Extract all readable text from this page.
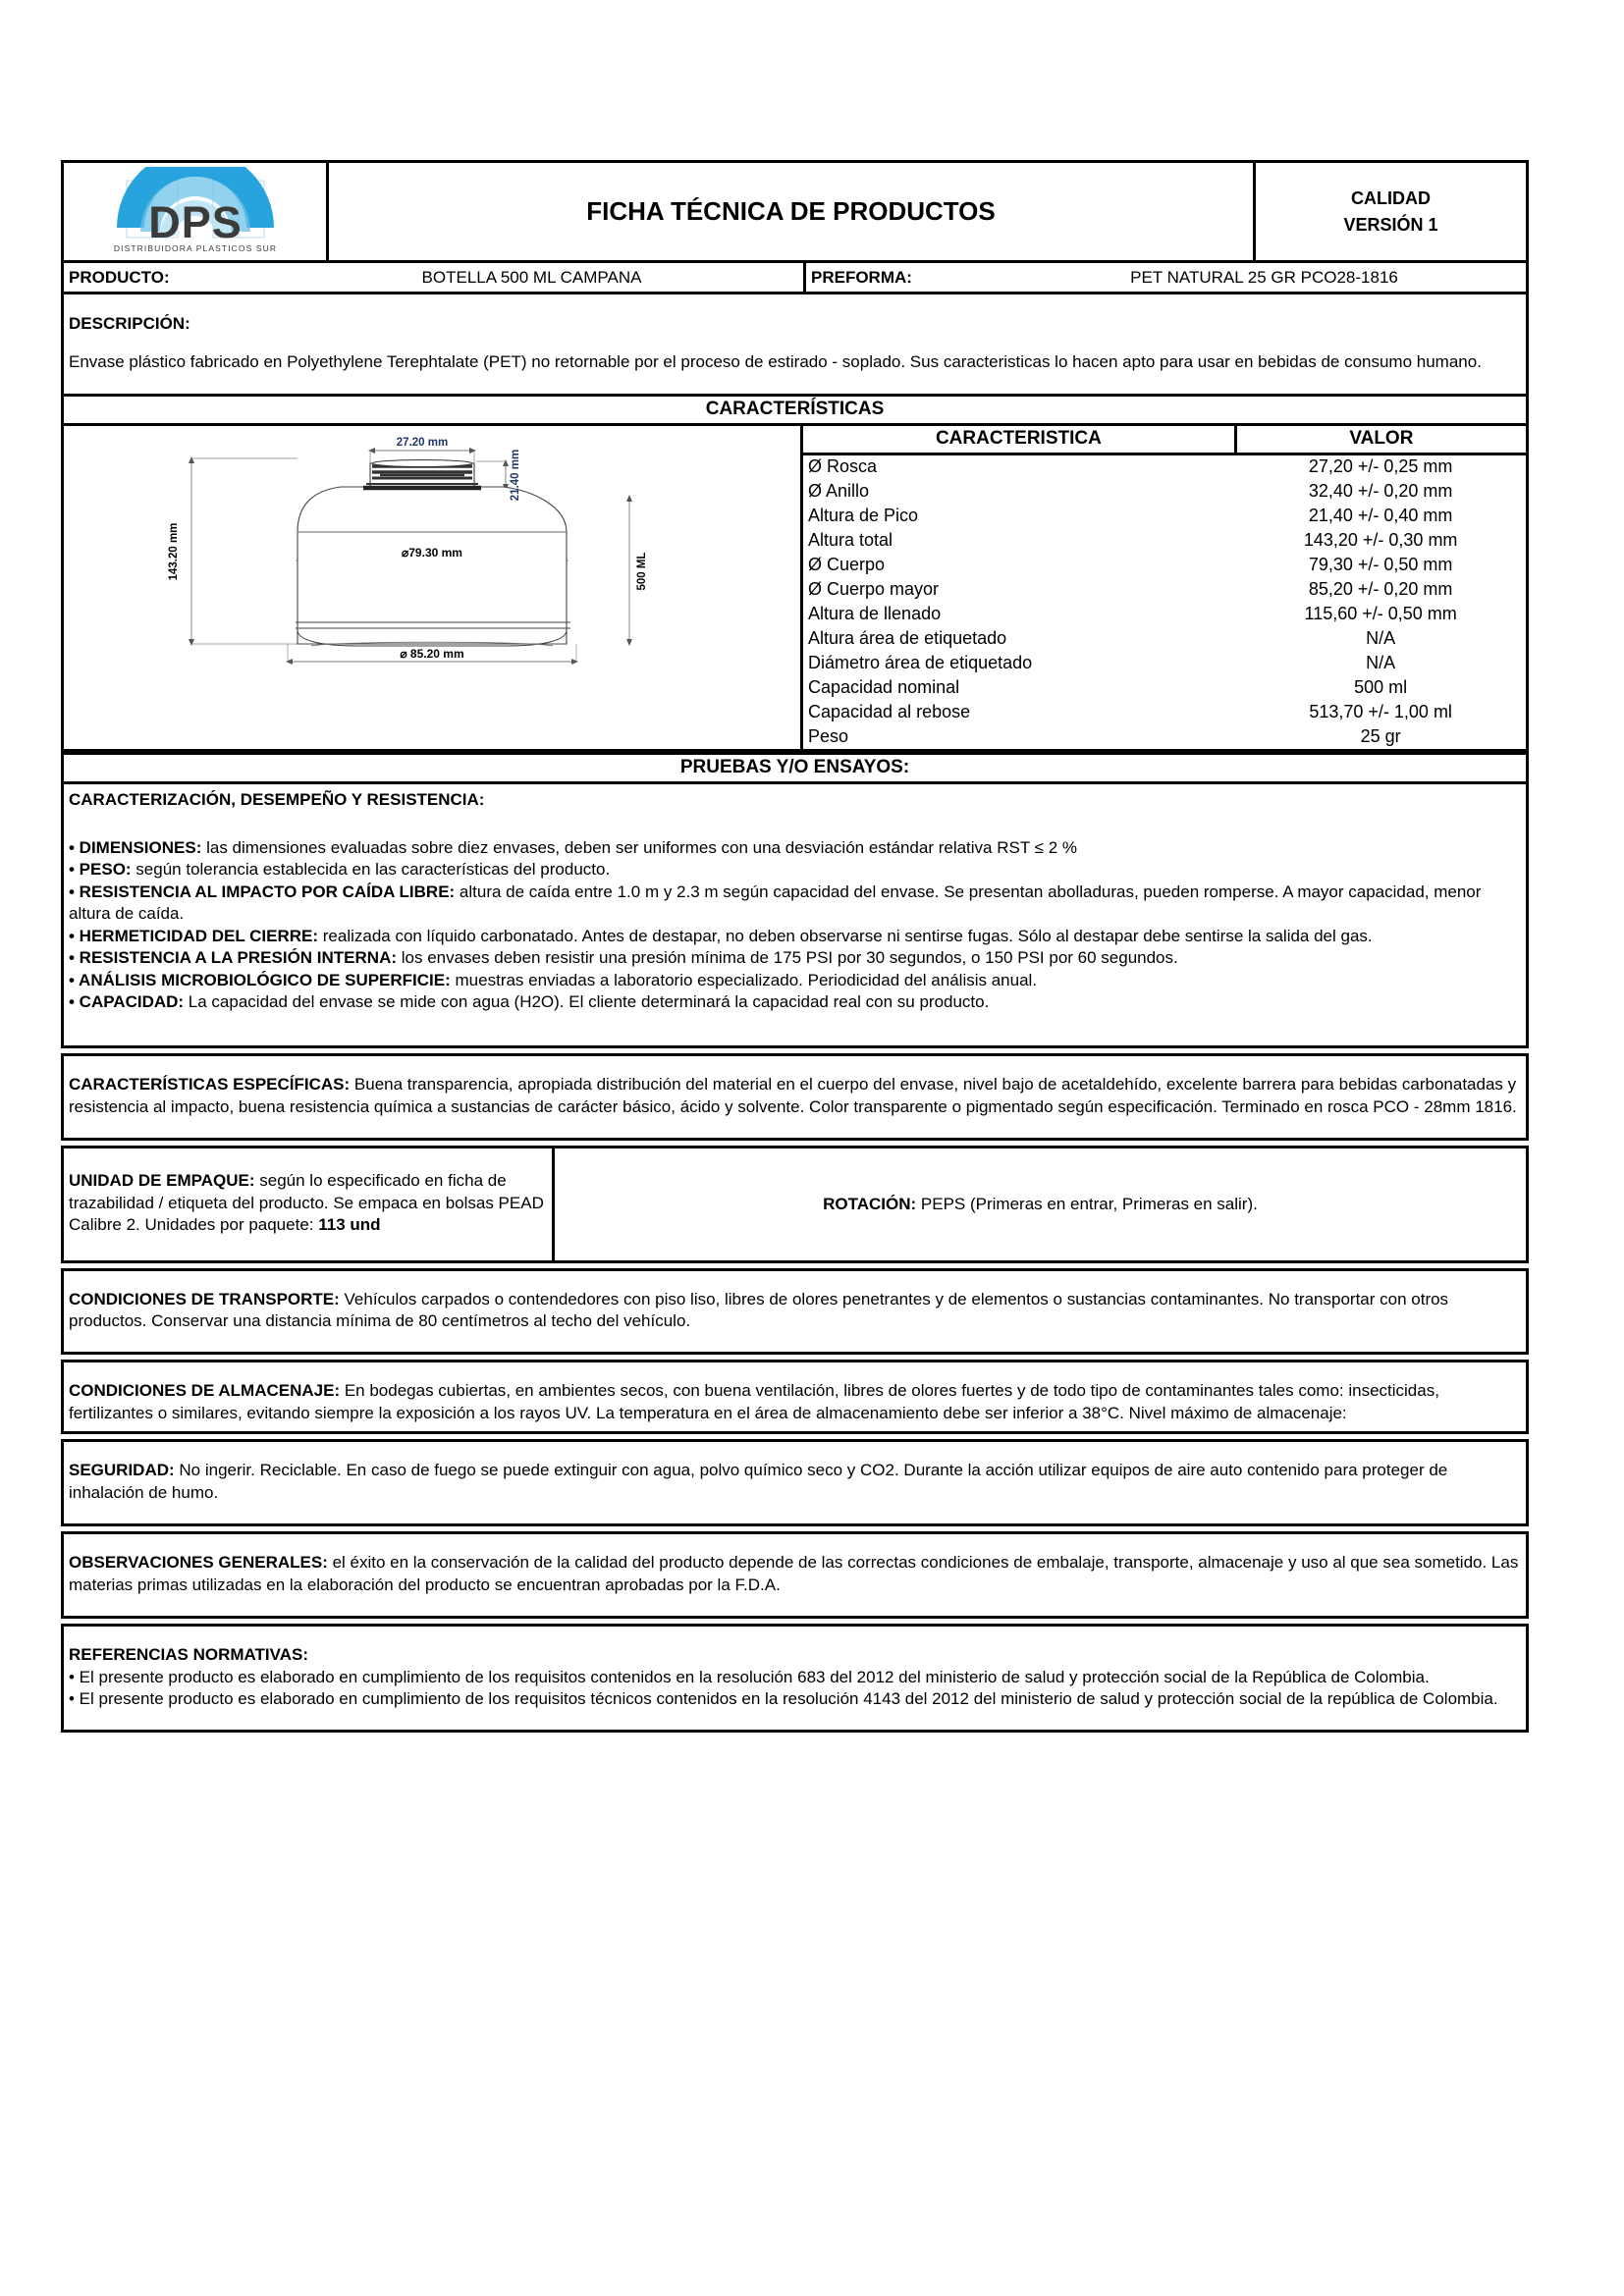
DPS
DISTRIBUIDORA PLASTICOS SUR
FICHA TÉCNICA DE PRODUCTOS	CALIDAD
VERSIÓN 1
PRODUCTO:	BOTELLA 500 ML CAMPANA	PREFORMA:	PET NATURAL 25 GR PCO28-1816

DESCRIPCIÓN:

Envase plástico fabricado en Polyethylene Terephtalate (PET) no retornable por el proceso de estirado - soplado. Sus caracteristicas lo hacen apto para usar en bebidas de consumo humano.

CARACTERÍSTICAS
27.20 mm
21.40 mm
143.20 mm	500 ML
⌀79.30 mm
⌀ 85.20 mm
CARACTERISTICA	VALOR
Ø Rosca	27,20 +/- 0,25 mm
Ø Anillo	32,40 +/- 0,20 mm
Altura de Pico	21,40 +/- 0,40 mm
Altura total	143,20 +/- 0,30 mm
Ø Cuerpo	79,30 +/- 0,50 mm
Ø Cuerpo mayor	85,20 +/- 0,20 mm
Altura de llenado	115,60 +/- 0,50 mm
Altura área de etiquetado	N/A
Diámetro área de etiquetado	N/A
Capacidad nominal	500 ml
Capacidad al rebose	513,70 +/- 1,00 ml
Peso	25 gr
PRUEBAS Y/O ENSAYOS:

CARACTERIZACIÓN, DESEMPEÑO Y RESISTENCIA:

• DIMENSIONES: las dimensiones evaluadas sobre diez envases, deben ser uniformes con una desviación estándar relativa RST ≤ 2 %

• PESO: según tolerancia establecida en las características del producto.

• RESISTENCIA AL IMPACTO POR CAÍDA LIBRE: altura de caída entre 1.0 m y 2.3 m según capacidad del envase. Se presentan abolladuras, pueden romperse. A mayor capacidad, menor altura de caída.

• HERMETICIDAD DEL CIERRE: realizada con líquido carbonatado. Antes de destapar, no deben observarse ni sentirse fugas. Sólo al destapar debe sentirse la salida del gas.

• RESISTENCIA A LA PRESIÓN INTERNA: los envases deben resistir una presión mínima de 175 PSI por 30 segundos, o 150 PSI por 60 segundos.

• ANÁLISIS MICROBIOLÓGICO DE SUPERFICIE: muestras enviadas a laboratorio especializado. Periodicidad del análisis anual.

• CAPACIDAD: La capacidad del envase se mide con agua (H2O). El cliente determinará la capacidad real con su producto.

CARACTERÍSTICAS ESPECÍFICAS: Buena transparencia, apropiada distribución del material en el cuerpo del envase, nivel bajo de acetaldehído, excelente barrera para bebidas carbonatadas y resistencia al impacto, buena resistencia química a sustancias de carácter básico, ácido y solvente. Color transparente o pigmentado según especificación. Terminado en rosca PCO - 28mm 1816.

UNIDAD DE EMPAQUE: según lo especificado en ficha de trazabilidad / etiqueta del producto. Se empaca en bolsas PEAD Calibre 2. Unidades por paquete: 113 und

ROTACIÓN: PEPS (Primeras en entrar, Primeras en salir).

CONDICIONES DE TRANSPORTE: Vehículos carpados o contendedores con piso liso, libres de olores penetrantes y de elementos o sustancias contaminantes. No transportar con otros productos. Conservar una distancia mínima de 80 centímetros al techo del vehículo.

CONDICIONES DE ALMACENAJE: En bodegas cubiertas, en ambientes secos, con buena ventilación, libres de olores fuertes y de todo tipo de contaminantes tales como: insecticidas, fertilizantes o similares, evitando siempre la exposición a los rayos UV. La temperatura en el área de almacenamiento debe ser inferior a 38°C. Nivel máximo de almacenaje:

SEGURIDAD: No ingerir. Reciclable. En caso de fuego se puede extinguir con agua, polvo químico seco y CO2. Durante la acción utilizar equipos de aire auto contenido para proteger de inhalación de humo.

OBSERVACIONES GENERALES: el éxito en la conservación de la calidad del producto depende de las correctas condiciones de embalaje, transporte, almacenaje y uso al que sea sometido. Las materias primas utilizadas en la elaboración del producto se encuentran aprobadas por la F.D.A.

REFERENCIAS NORMATIVAS:

• El presente producto es elaborado en cumplimiento de los requisitos contenidos en la resolución 683 del 2012 del ministerio de salud y protección social de la República de Colombia.

• El presente producto es elaborado en cumplimiento de los requisitos técnicos contenidos en la resolución 4143 del 2012 del ministerio de salud y protección social de la república de Colombia.
